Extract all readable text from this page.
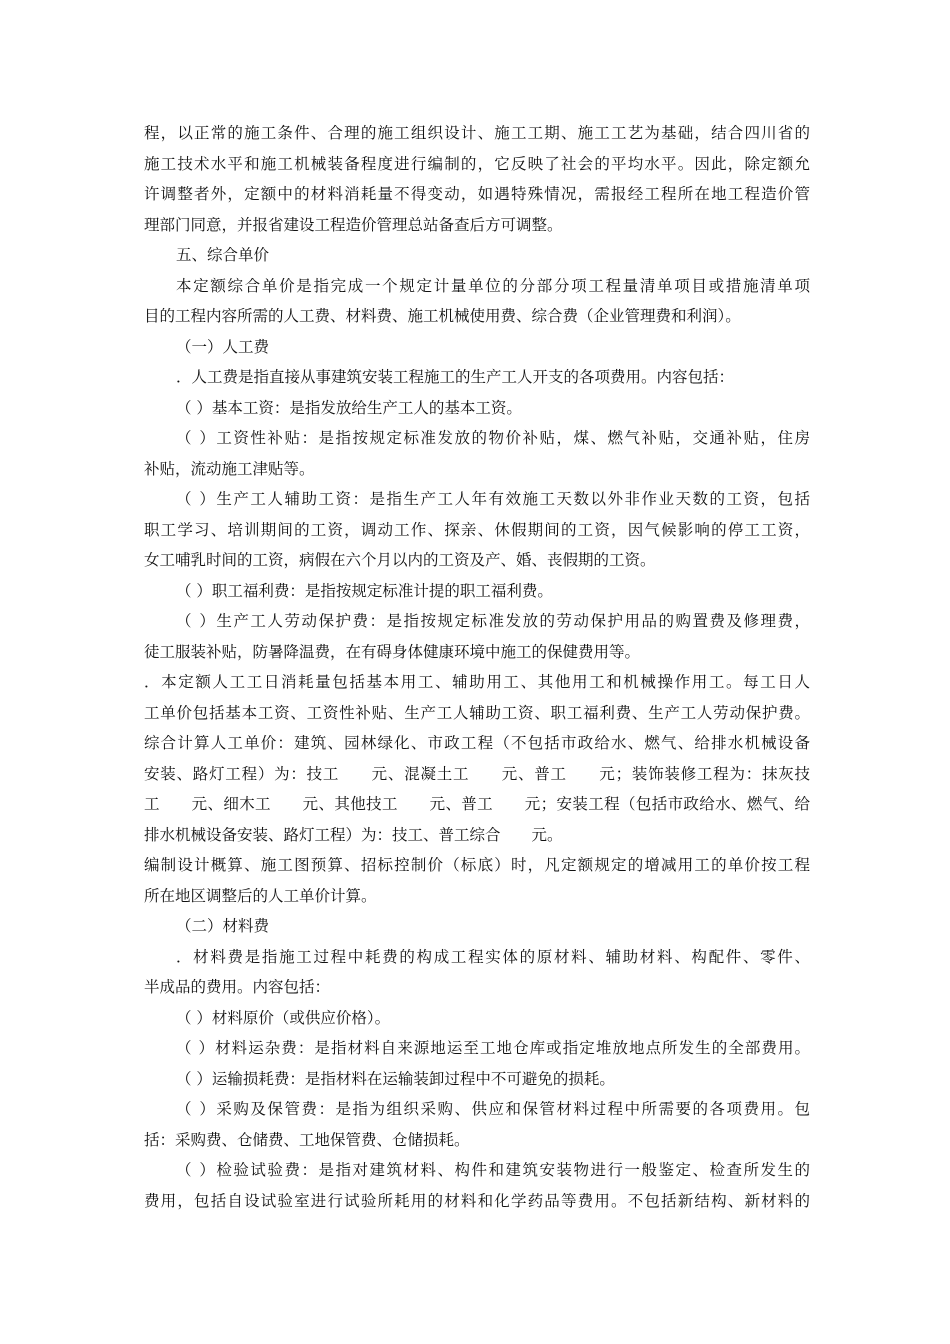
程，以正常的施工条件、合理的施工组织设计、施工工期、施工工艺为基础，结合四川省的
施工技术水平和施工机械装备程度进行编制的，它反映了社会的平均水平。因此，除定额允
许调整者外，定额中的材料消耗量不得变动，如遇特殊情况，需报经工程所在地工程造价管
理部门同意，并报省建设工程造价管理总站备查后方可调整。
五、综合单价
本定额综合单价是指完成一个规定计量单位的分部分项工程量清单项目或措施清单项
目的工程内容所需的人工费、材料费、施工机械使用费、综合费（企业管理费和利润）。
（一）人工费
．人工费是指直接从事建筑安装工程施工的生产工人开支的各项费用。内容包括：
（ ）基本工资：是指发放给生产工人的基本工资。
（ ）工资性补贴：是指按规定标准发放的物价补贴，煤、燃气补贴，交通补贴，住房
补贴，流动施工津贴等。
（ ）生产工人辅助工资：是指生产工人年有效施工天数以外非作业天数的工资，包括
职工学习、培训期间的工资，调动工作、探亲、休假期间的工资，因气候影响的停工工资，
女工哺乳时间的工资，病假在六个月以内的工资及产、婚、丧假期的工资。
（ ）职工福利费：是指按规定标准计提的职工福利费。
（ ）生产工人劳动保护费：是指按规定标准发放的劳动保护用品的购置费及修理费，
徒工服装补贴，防暑降温费，在有碍身体健康环境中施工的保健费用等。
．本定额人工工日消耗量包括基本用工、辅助用工、其他用工和机械操作用工。每工日人
工单价包括基本工资、工资性补贴、生产工人辅助工资、职工福利费、生产工人劳动保护费。
综合计算人工单价：建筑、园林绿化、市政工程（不包括市政给水、燃气、给排水机械设备
安装、路灯工程）为：技工　　元、混凝土工　　元、普工　　元；装饰装修工程为：抹灰技
工　　元、细木工　　元、其他技工　　元、普工　　元；安装工程（包括市政给水、燃气、给
排水机械设备安装、路灯工程）为：技工、普工综合　　元。
编制设计概算、施工图预算、招标控制价（标底）时，凡定额规定的增减用工的单价按工程
所在地区调整后的人工单价计算。
（二）材料费
．材料费是指施工过程中耗费的构成工程实体的原材料、辅助材料、构配件、零件、
半成品的费用。内容包括：
（ ）材料原价（或供应价格）。
（ ）材料运杂费：是指材料自来源地运至工地仓库或指定堆放地点所发生的全部费用。
（ ）运输损耗费：是指材料在运输装卸过程中不可避免的损耗。
（ ）采购及保管费：是指为组织采购、供应和保管材料过程中所需要的各项费用。包
括：采购费、仓储费、工地保管费、仓储损耗。
（ ）检验试验费：是指对建筑材料、构件和建筑安装物进行一般鉴定、检查所发生的
费用，包括自设试验室进行试验所耗用的材料和化学药品等费用。不包括新结构、新材料的
